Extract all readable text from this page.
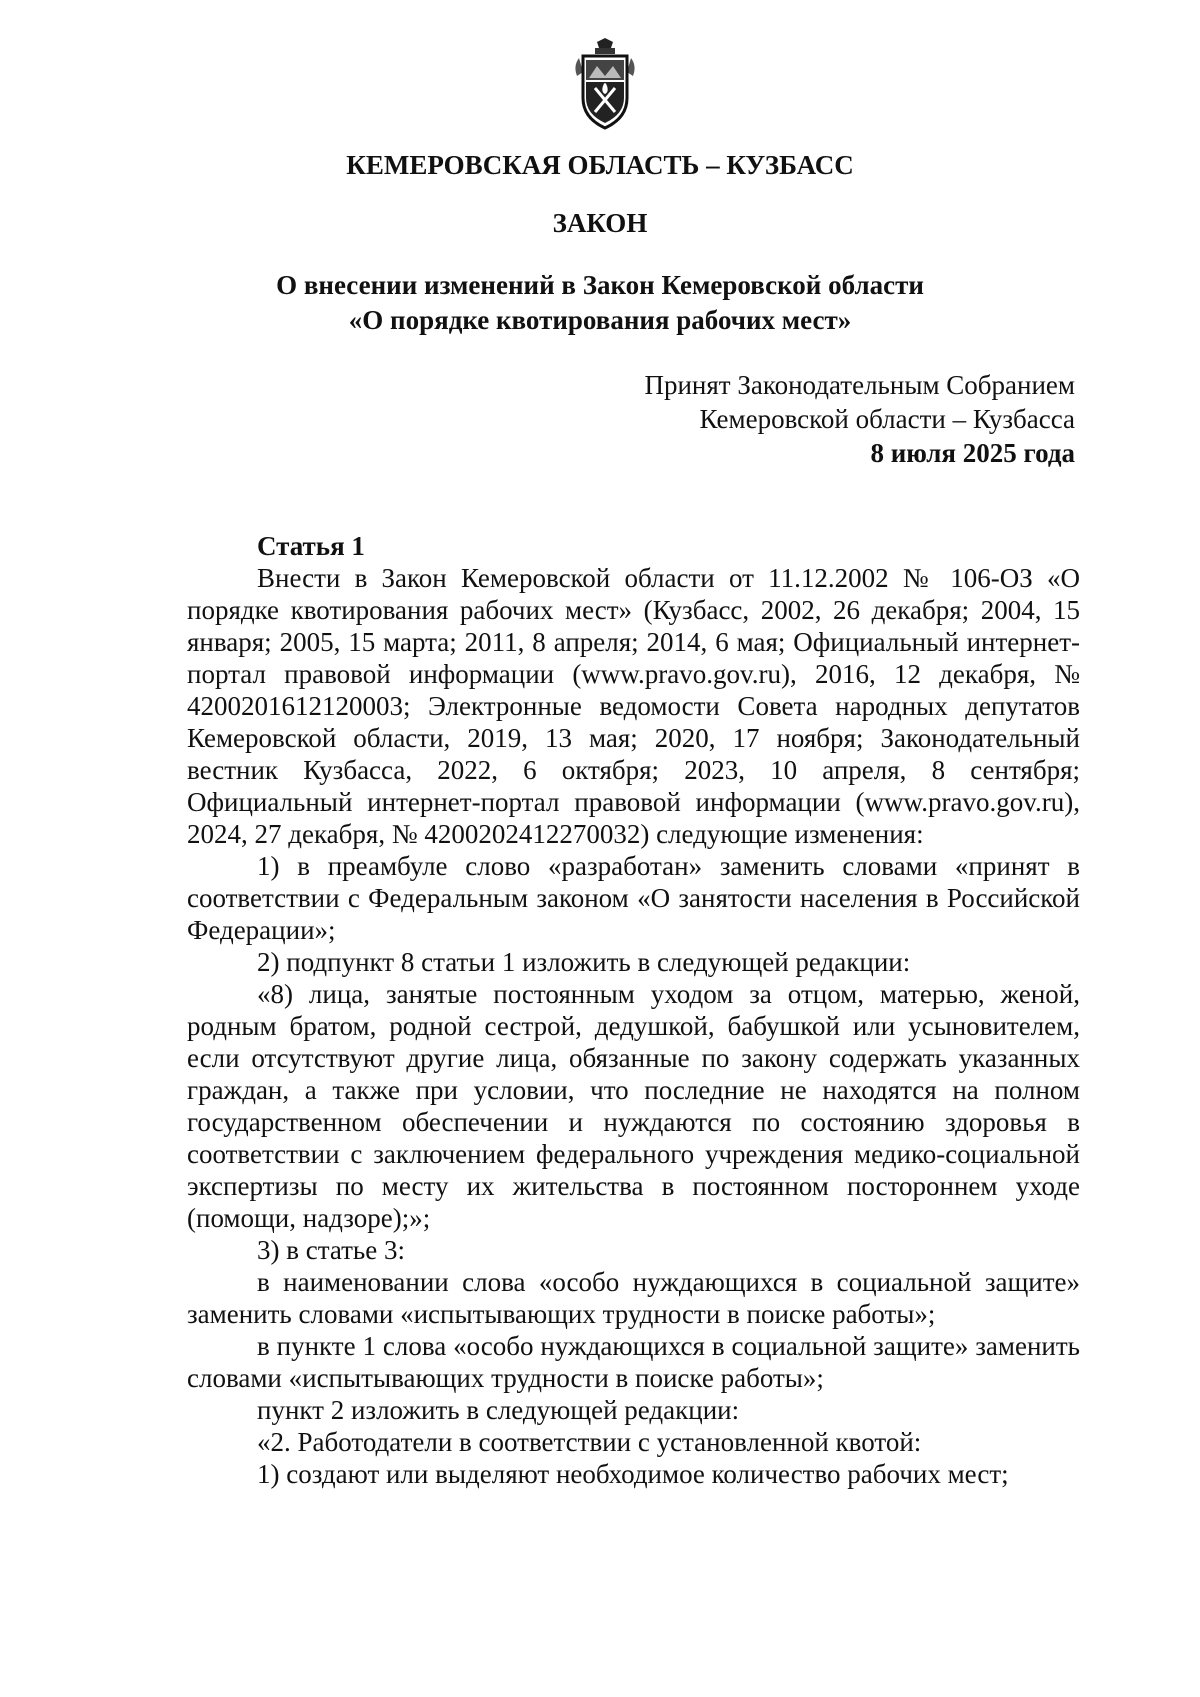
КЕМЕРОВСКАЯ ОБЛАСТЬ – КУЗБАСС
ЗАКОН
О внесении изменений в Закон Кемеровской области
«О порядке квотирования рабочих мест»
Принят Законодательным Собранием
Кемеровской области – Кузбасса
8 июля 2025 года
Статья 1

Внести в Закон Кемеровской области от 11.12.2002 № 106-ОЗ «О порядке квотирования рабочих мест» (Кузбасс, 2002, 26 декабря; 2004, 15 января; 2005, 15 марта; 2011, 8 апреля; 2014, 6 мая; Официальный интернет-портал правовой информации (www.pravo.gov.ru), 2016, 12 декабря, № 4200201612120003; Электронные ведомости Совета народных депутатов Кемеровской области, 2019, 13 мая; 2020, 17 ноября; Законодательный вестник Кузбасса, 2022, 6 октября; 2023, 10 апреля, 8 сентября; Официальный интернет-портал правовой информации (www.pravo.gov.ru), 2024, 27 декабря, № 4200202412270032) следующие изменения:

1) в преамбуле слово «разработан» заменить словами «принят в соответствии с Федеральным законом «О занятости населения в Российской Федерации»;

2) подпункт 8 статьи 1 изложить в следующей редакции:

«8) лица, занятые постоянным уходом за отцом, матерью, женой, родным братом, родной сестрой, дедушкой, бабушкой или усыновителем, если отсутствуют другие лица, обязанные по закону содержать указанных граждан, а также при условии, что последние не находятся на полном государственном обеспечении и нуждаются по состоянию здоровья в соответствии с заключением федерального учреждения медико-социальной экспертизы по месту их жительства в постоянном постороннем уходе (помощи, надзоре);»;

3) в статье 3:

в наименовании слова «особо нуждающихся в социальной защите» заменить словами «испытывающих трудности в поиске работы»;

в пункте 1 слова «особо нуждающихся в социальной защите» заменить словами «испытывающих трудности в поиске работы»;

пункт 2 изложить в следующей редакции:

«2. Работодатели в соответствии с установленной квотой:

1) создают или выделяют необходимое количество рабочих мест;
